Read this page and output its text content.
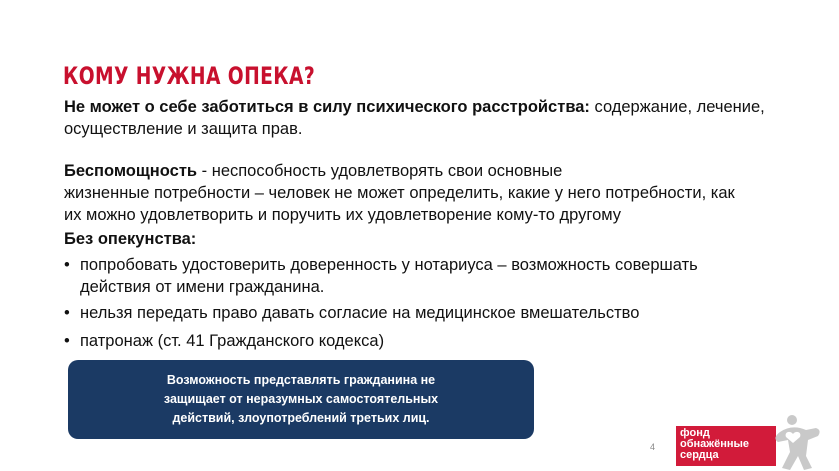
КОМУ НУЖНА ОПЕКА?
Не может о себе заботиться в силу психического расстройства: содержание, лечение, осуществление и защита прав.
Беспомощность - неспособность удовлетворять свои основные
жизненные потребности – человек не может определить, какие у него потребности, как
их можно удовлетворить и поручить их удовлетворение кому-то другому
Без опекунства:
• попробовать удостоверить доверенность у нотариуса – возможность совершать действия от имени гражданина.
• нельзя передать право давать согласие на медицинское вмешательство
• патронаж (ст. 41 Гражданского кодекса)
Возможность представлять гражданина не защищает от неразумных самостоятельных действий, злоупотреблений третьих лиц.
4
фонд
обнажённые
сердца
